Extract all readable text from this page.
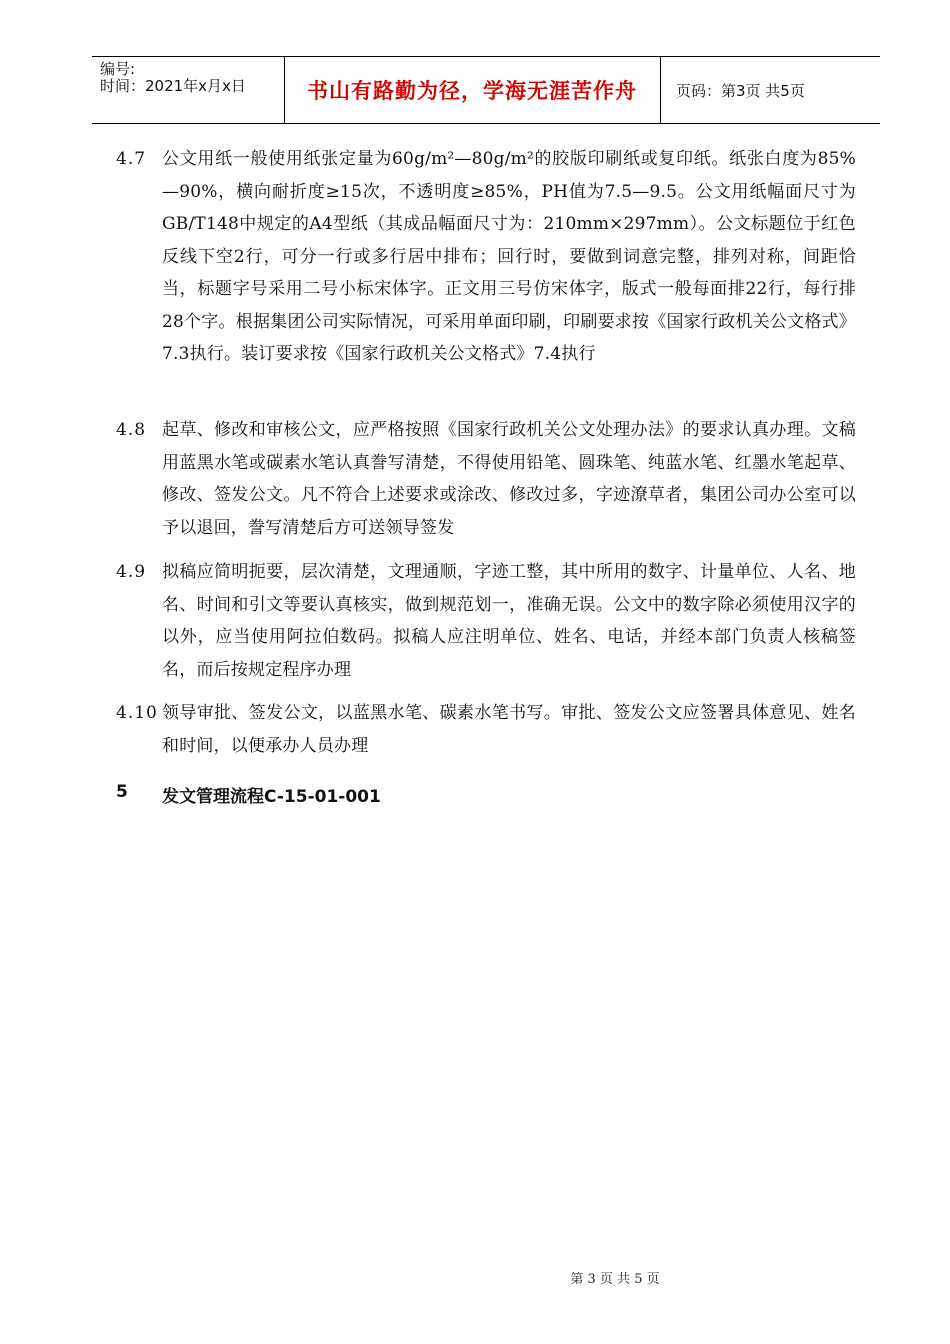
编号:
时间：2021年x月x日	书山有路勤为径，学海无涯苦作舟	页码：第3页 共5页
4.7 公文用纸一般使用纸张定量为60g/m²—80g/m²的胶版印刷纸或复印纸。纸张白度为85%—90%，横向耐折度≥15次，不透明度≥85%，PH值为7.5—9.5。公文用纸幅面尺寸为GB/T148中规定的A4型纸（其成品幅面尺寸为：210mm×297mm）。公文标题位于红色反线下空2行，可分一行或多行居中排布；回行时，要做到词意完整，排列对称，间距恰当，标题字号采用二号小标宋体字。正文用三号仿宋体字，版式一般每面排22行，每行排28个字。根据集团公司实际情况，可采用单面印刷，印刷要求按《国家行政机关公文格式》7.3执行。装订要求按《国家行政机关公文格式》7.4执行
4.8 起草、修改和审核公文，应严格按照《国家行政机关公文处理办法》的要求认真办理。文稿用蓝黑水笔或碳素水笔认真誊写清楚，不得使用铅笔、圆珠笔、纯蓝水笔、红墨水笔起草、修改、签发公文。凡不符合上述要求或涂改、修改过多，字迹潦草者，集团公司办公室可以予以退回，誊写清楚后方可送领导签发
4.9 拟稿应简明扼要，层次清楚，文理通顺，字迹工整，其中所用的数字、计量单位、人名、地名、时间和引文等要认真核实，做到规范划一，准确无误。公文中的数字除必须使用汉字的以外，应当使用阿拉伯数码。拟稿人应注明单位、姓名、电话，并经本部门负责人核稿签名，而后按规定程序办理
4.10 领导审批、签发公文，以蓝黑水笔、碳素水笔书写。审批、签发公文应签署具体意见、姓名和时间，以便承办人员办理
5 发文管理流程C-15-01-001
第 3 页 共 5 页
